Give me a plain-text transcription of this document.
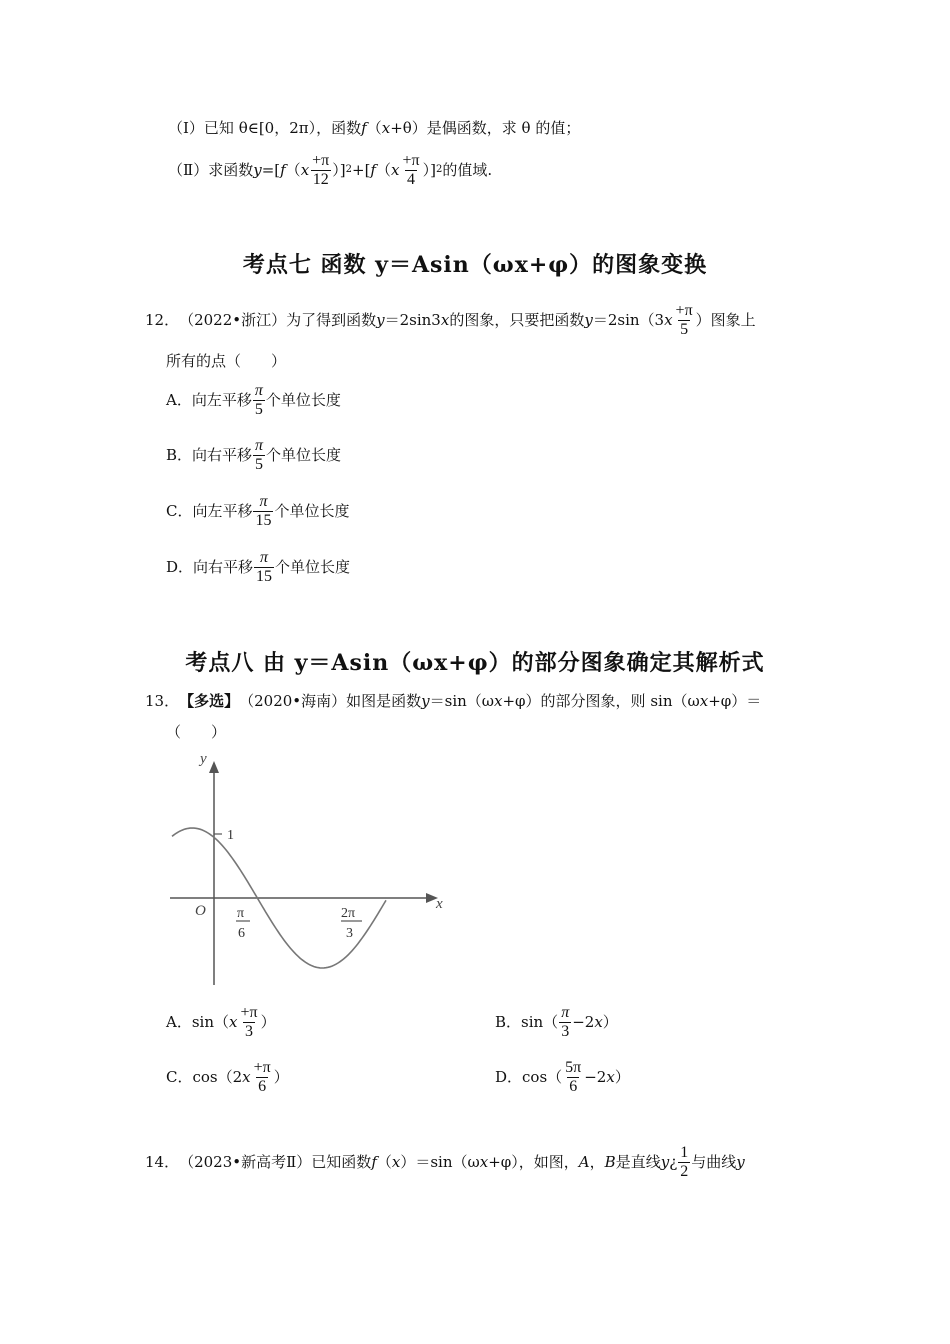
（Ⅰ）已知 θ∈[0，2π），函数 f （ x +θ）是偶函数，求 θ 的值；
（Ⅱ）求函数 y =[ f （ x $\frac{+\pi}{12}$ ）] 2 +[ f （ x $\frac{+\pi}{4}$ ）] 2 的值域.
考点七 函数 y＝Asin（ωx+φ）的图象变换
12． （2022•浙江）为了得到函数 y ＝2sin3 x 的图象，只要把函数 y ＝2sin（3 x $\frac{+\pi}{5}$ ）图象上
所有的点（　　）
A．向左平移 $\frac{\pi}{5}$ 个单位长度
B．向右平移 $\frac{\pi}{5}$ 个单位长度
C．向左平移 $\frac{\pi}{15}$ 个单位长度
D．向右平移 $\frac{\pi}{15}$ 个单位长度
考点八 由 y＝Asin（ωx+φ）的部分图象确定其解析式
13． 【多选】 （2020•海南）如图是函数 y ＝sin（ω x +φ）的部分图象，则 sin（ω x +φ）＝
（　　）
y
x
O
1
π
6
2π
3
A．sin（ x $\frac{+\pi}{3}$ ）	B．$\sin( \frac{\pi}{3} -2$ x ）
C．cos（2 x $\frac{+\pi}{6}$ ）	D．$\cos( \frac{5\pi}{6} -2$ x ）
14． （2023•新高考Ⅱ）已知函数 f （ x ）＝sin（ω x +φ），如图， A ， B 是直线 y ¿ $\frac{1}{2}$ 与曲线 y
